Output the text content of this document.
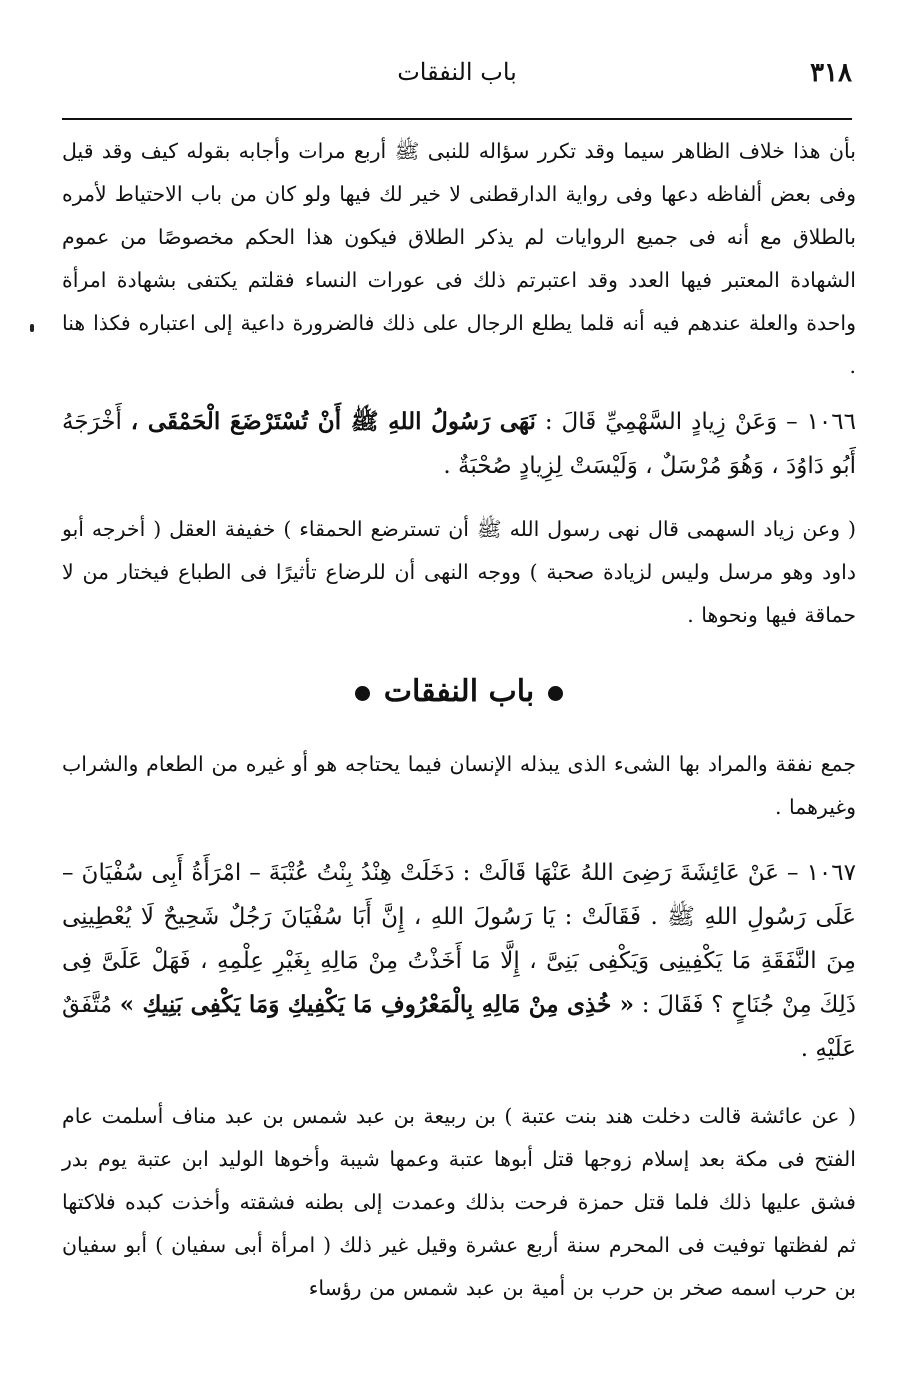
٣١٨
باب النفقات

بأن هذا خلاف الظاهر سيما وقد تكرر سؤاله للنبى ﷺ أربع مرات وأجابه بقوله كيف وقد قيل وفى بعض ألفاظه دعها وفى رواية الدارقطنى لا خير لك فيها ولو كان من باب الاحتياط لأمره بالطلاق مع أنه فى جميع الروايات لم يذكر الطلاق فيكون هذا الحكم مخصوصًا من عموم الشهادة المعتبر فيها العدد وقد اعتبرتم ذلك فى عورات النساء فقلتم يكتفى بشهادة امرأة واحدة والعلة عندهم فيه أنه قلما يطلع الرجال على ذلك فالضرورة داعية إلى اعتباره فكذا هنا .

١٠٦٦ – وَعَنْ زِيادٍ السَّهْمِيِّ قَالَ : نَهَى رَسُولُ اللهِ ﷺ أَنْ تُسْتَرْضَعَ الْحَمْقَى ، أَخْرَجَهُ أَبُو دَاوُدَ ، وَهُوَ مُرْسَلٌ ، وَلَيْسَتْ لِزِيادٍ صُحْبَةٌ .

( وعن زياد السهمى قال نهى رسول الله ﷺ أن تسترضع الحمقاء ) خفيفة العقل ( أخرجه أبو داود وهو مرسل وليس لزيادة صحبة ) ووجه النهى أن للرضاع تأثيرًا فى الطباع فيختار من لا حماقة فيها ونحوها .

باب النفقات

جمع نفقة والمراد بها الشىء الذى يبذله الإنسان فيما يحتاجه هو أو غيره من الطعام والشراب وغيرهما .

١٠٦٧ – عَنْ عَائِشَةَ رَضِىَ اللهُ عَنْهَا قَالَتْ : دَخَلَتْ هِنْدُ بِنْتُ عُتْبَةَ – امْرَأَةُ أَبِى سُفْيَانَ – عَلَى رَسُولِ اللهِ ﷺ . فَقَالَتْ : يَا رَسُولَ اللهِ ، إِنَّ أَبَا سُفْيَانَ رَجُلٌ شَحِيحٌ لَا يُعْطِينِى مِنَ النَّفَقَةِ مَا يَكْفِينِى وَيَكْفِى بَنِىَّ ، إِلَّا مَا أَخَذْتُ مِنْ مَالِهِ بِغَيْرِ عِلْمِهِ ، فَهَلْ عَلَىَّ فِى ذَلِكَ مِنْ جُنَاحٍ ؟ فَقَالَ : « خُذِى مِنْ مَالِهِ بِالْمَعْرُوفِ مَا يَكْفِيكِ وَمَا يَكْفِى بَنِيكِ » مُتَّفَقٌ عَلَيْهِ .

( عن عائشة قالت دخلت هند بنت عتبة ) بن ربيعة بن عبد شمس بن عبد مناف أسلمت عام الفتح فى مكة بعد إسلام زوجها قتل أبوها عتبة وعمها شيبة وأخوها الوليد ابن عتبة يوم بدر فشق عليها ذلك فلما قتل حمزة فرحت بذلك وعمدت إلى بطنه فشقته وأخذت كبده فلاكتها ثم لفظتها توفيت فى المحرم سنة أربع عشرة وقيل غير ذلك ( امرأة أبى سفيان ) أبو سفيان بن حرب اسمه صخر بن حرب بن أمية بن عبد شمس من رؤساء
